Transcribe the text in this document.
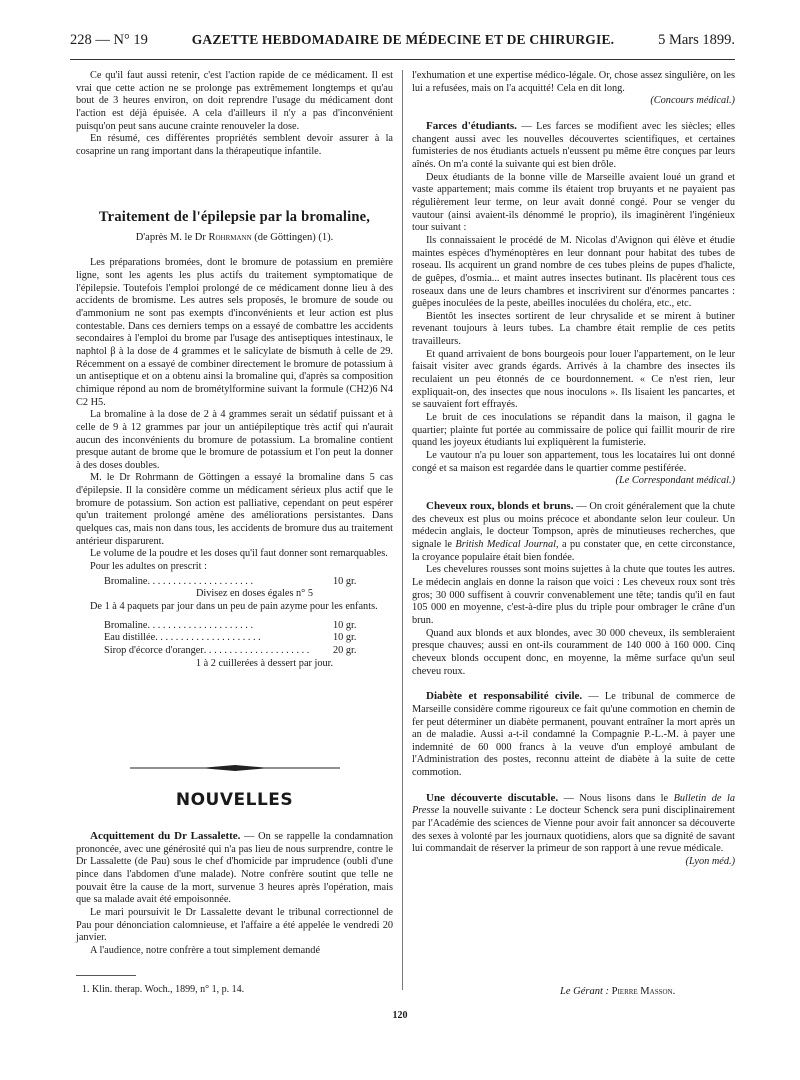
228 — N° 19	GAZETTE HEBDOMADAIRE DE MÉDECINE ET DE CHIRURGIE.	5 Mars 1899.

Ce qu'il faut aussi retenir, c'est l'action rapide de ce médicament. Il est vrai que cette action ne se prolonge pas extrêmement longtemps et qu'au bout de 3 heures environ, on doit reprendre l'usage du médicament dont l'action est déjà épuisée. A cela d'ailleurs il n'y a pas d'inconvénient puisqu'on peut sans aucune crainte renouveler la dose.

En résumé, ces différentes propriétés semblent devoir assurer à la cosaprine un rang important dans la thérapeutique infantile.

Traitement de l'épilepsie par la bromaline,
D'après M. le Dr Rohrmann (de Göttingen) (1).

Les préparations bromées, dont le bromure de potassium en première ligne, sont les agents les plus actifs du traitement symptomatique de l'épilepsie. Toutefois l'emploi prolongé de ce médicament donne lieu à des accidents de bromisme. Les autres sels proposés, le bromure de soude ou d'ammonium ne sont pas exempts d'inconvénients et leur action est plus contestable. Dans ces derniers temps on a essayé de combattre les accidents secondaires à l'emploi du brome par l'usage des antiseptiques intestinaux, le naphtol β à la dose de 4 grammes et le salicylate de bismuth à celle de 29. Récemment on a essayé de combiner directement le bromure de potassium à un antiseptique et on a obtenu ainsi la bromaline qui, d'après sa composition chimique répond au nom de brométylformine suivant la formule (CH2)6 N4 C2 H5.

La bromaline à la dose de 2 à 4 grammes serait un sédatif puissant et à celle de 9 à 12 grammes par jour un antiépileptique très actif qui n'aurait aucun des inconvénients du bromure de potassium. La bromaline contient presque autant de brome que le bromure de potassium et l'on peut la donner à des doses doubles.

M. le Dr Rohrmann de Göttingen a essayé la bromaline dans 5 cas d'épilepsie. Il la considère comme un médicament sérieux plus actif que le bromure de potassium. Son action est palliative, cependant on peut espérer qu'un traitement prolongé amène des améliorations persistantes. Dans quelques cas, mais non dans tous, les accidents de bromure dus au traitement antérieur disparurent.

Le volume de la poudre et les doses qu'il faut donner sont remarquables.

Pour les adultes on prescrit :

Bromaline . . . . . . . . . . . . . . . . . . . . .	10 gr.
Divisez en doses égales n° 5

De 1 à 4 paquets par jour dans un peu de pain azyme pour les enfants.

Bromaline . . . . . . . . . . . . . . . . . . . . .	10 gr.
Eau distillée . . . . . . . . . . . . . . . . . . . . .	10 gr.
Sirop d'écorce d'oranger . . . . . . . . . . . . . . . . . . . . .	20 gr.
1 à 2 cuillerées à dessert par jour.
NOUVELLES

Acquittement du Dr Lassalette. — On se rappelle la condamnation prononcée, avec une générosité qui n'a pas lieu de nous surprendre, contre le Dr Lassalette (de Pau) sous le chef d'homicide par imprudence (oubli d'une pince dans l'abdomen d'une malade). Notre confrère soutint que telle ne pouvait être la cause de la mort, survenue 3 heures après l'opération, mais que sa malade avait été empoisonnée.

Le mari poursuivit le Dr Lassalette devant le tribunal correctionnel de Pau pour dénonciation calomnieuse, et l'affaire a été appelée le vendredi 20 janvier.

A l'audience, notre confrère a tout simplement demandé

l'exhumation et une expertise médico-légale. Or, chose assez singulière, on les lui a refusées, mais on l'a acquitté! Cela en dit long.

(Concours médical.)

Farces d'étudiants. — Les farces se modifient avec les siècles; elles changent aussi avec les nouvelles découvertes scientifiques, et certaines fumisteries de nos étudiants actuels n'eussent pu même être conçues par leurs aînés. On m'a conté la suivante qui est bien drôle.

Deux étudiants de la bonne ville de Marseille avaient loué un grand et vaste appartement; mais comme ils étaient trop bruyants et ne payaient pas régulièrement leur terme, on leur avait donné congé. Pour se venger du vautour (ainsi avaient-ils dénommé le proprio), ils imaginèrent l'ingénieux tour suivant :

Ils connaissaient le procédé de M. Nicolas d'Avignon qui élève et étudie maintes espèces d'hyménoptères en leur donnant pour habitat des tubes de roseau. Ils acquirent un grand nombre de ces tubes pleins de pupes d'halicte, de guêpes, d'osmia... et maint autres insectes butinant. Ils placèrent tous ces roseaux dans une de leurs chambres et inscrivirent sur d'énormes pancartes : guêpes inoculées de la peste, abeilles inoculées du choléra, etc., etc.

Bientôt les insectes sortirent de leur chrysalide et se mirent à butiner revenant toujours à leurs tubes. La chambre était remplie de ces petits travailleurs.

Et quand arrivaient de bons bourgeois pour louer l'appartement, on le leur faisait visiter avec grands égards. Arrivés à la chambre des insectes ils reculaient un peu étonnés de ce bourdonnement. « Ce n'est rien, leur expliquait-on, des insectes que nous inoculons ». Ils lisaient les pancartes, et se sauvaient fort effrayés.

Le bruit de ces inoculations se répandit dans la maison, il gagna le quartier; plainte fut portée au commissaire de police qui faillit mourir de rire quand les joyeux étudiants lui expliquèrent la fumisterie.

Le vautour n'a pu louer son appartement, tous les locataires lui ont donné congé et sa maison est regardée dans le quartier comme pestiférée.

(Le Correspondant médical.)

Cheveux roux, blonds et bruns. — On croit généralement que la chute des cheveux est plus ou moins précoce et abondante selon leur couleur. Un médecin anglais, le docteur Tompson, après de minutieuses recherches, que signale le British Medical Journal, a pu constater que, en cette circonstance, la croyance populaire était bien fondée.

Les chevelures rousses sont moins sujettes à la chute que toutes les autres. Le médecin anglais en donne la raison que voici : Les cheveux roux sont très gros; 30 000 suffisent à couvrir convenablement une tête; tandis qu'il en faut 105 000 en moyenne, c'est-à-dire plus du triple pour ombrager le crâne d'un brun.

Quand aux blonds et aux blondes, avec 30 000 cheveux, ils sembleraient presque chauves; aussi en ont-ils couramment de 140 000 à 160 000. Cinq cheveux blonds occupent donc, en moyenne, la même surface qu'un seul cheveu roux.

Diabète et responsabilité civile. — Le tribunal de commerce de Marseille considère comme rigoureux ce fait qu'une commotion en chemin de fer peut déterminer un diabète permanent, pouvant entraîner la mort après un an de maladie. Aussi a-t-il condamné la Compagnie P.-L.-M. à payer une indemnité de 60 000 francs à la veuve d'un employé ambulant de l'Administration des postes, reconnu atteint de diabète à la suite de cette commotion.

Une découverte discutable. — Nous lisons dans le Bulletin de la Presse la nouvelle suivante : Le docteur Schenck sera puni disciplinairement par l'Académie des sciences de Vienne pour avoir fait annoncer sa découverte des sexes à volonté par les journaux quotidiens, alors que sa dignité de savant lui commandait de réserver la primeur de son rapport à une revue médicale.

(Lyon méd.)
1. Klin. therap. Woch., 1899, n° 1, p. 14.	Le Gérant : Pierre Masson.
120
